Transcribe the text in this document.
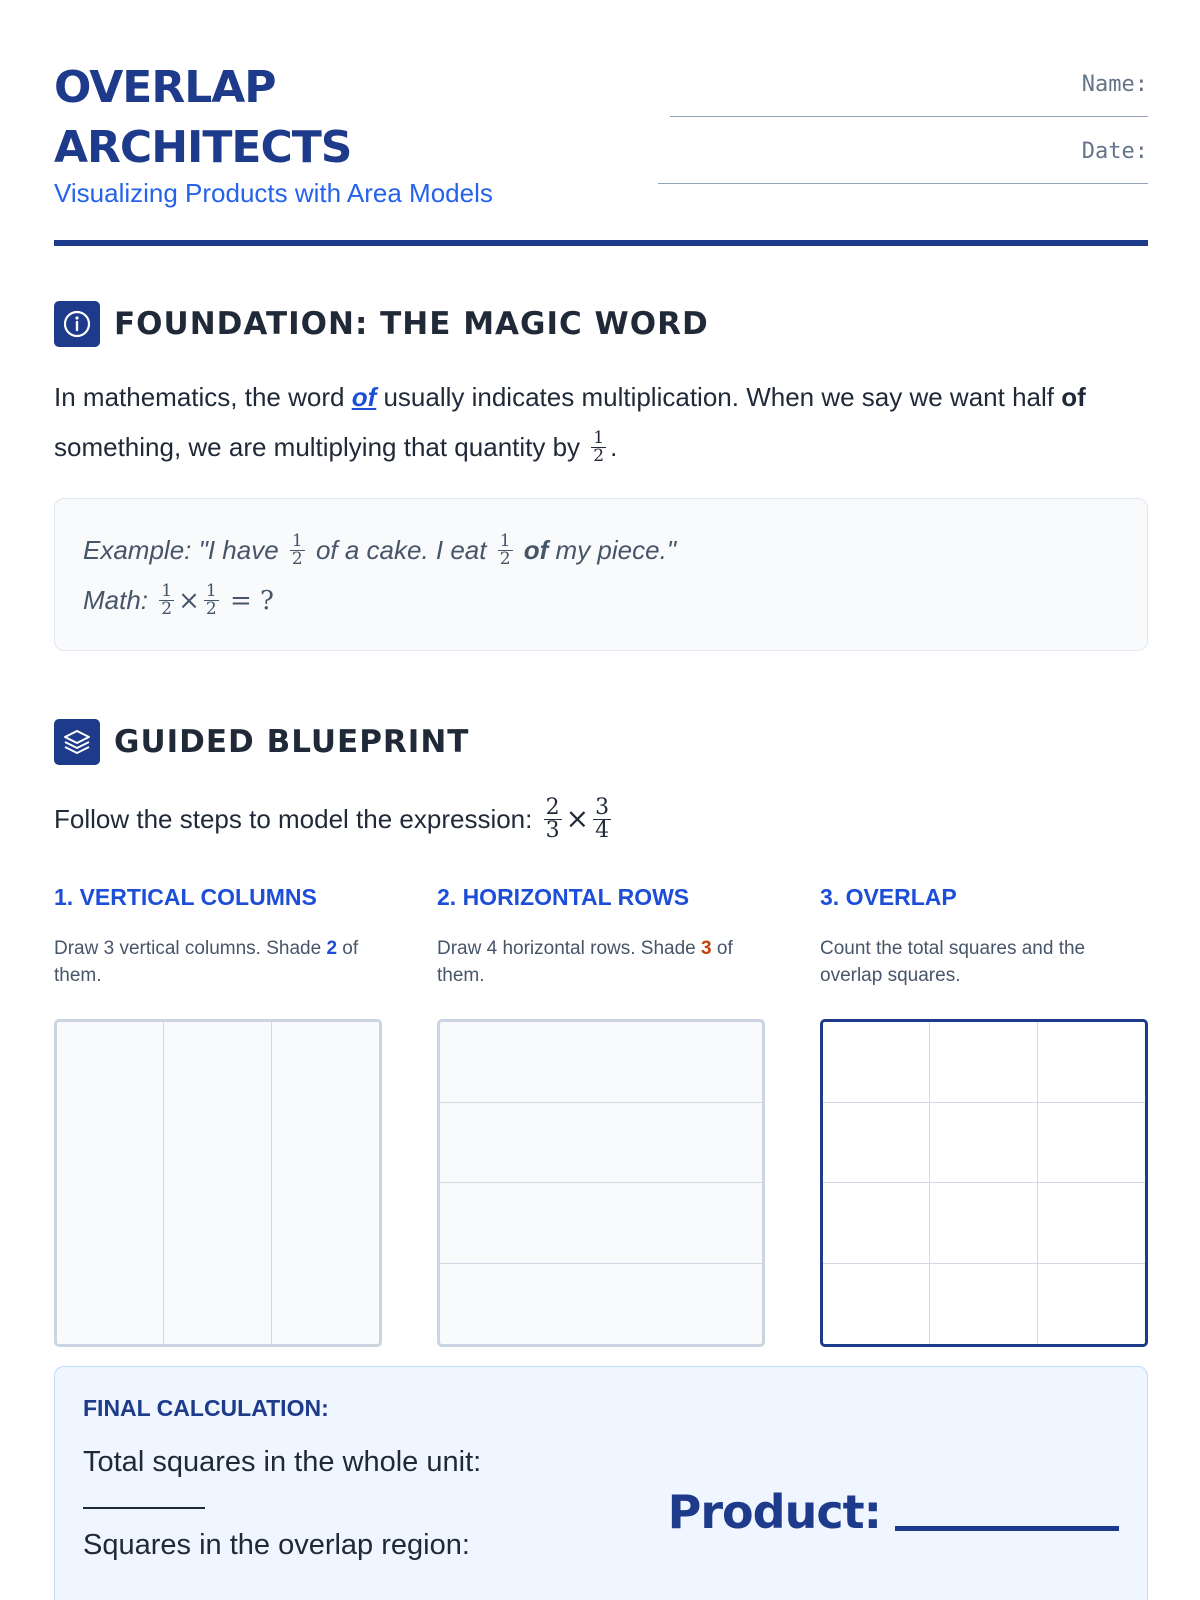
OVERLAP
ARCHITECTS
Visualizing Products with Area Models
Name:
Date:
FOUNDATION: THE MAGIC WORD
In mathematics, the word of usually indicates multiplication. When we say we want half of something, we are multiplying that quantity by $\frac{1}{2}$ .
Example: "I have $\frac{1}{2}$ of a cake. I eat $\frac{1}{2}$ of my piece."
Math: $\frac{1}{2} \times \frac{1}{2}$ = ?
GUIDED BLUEPRINT
Follow the steps to model the expression: $\frac{2}{3} \times \frac{3}{4}$
1. VERTICAL COLUMNS
Draw 3 vertical columns. Shade 2 of them.
2. HORIZONTAL ROWS
Draw 4 horizontal rows. Shade 3 of them.
3. OVERLAP
Count the total squares and the overlap squares.
FINAL CALCULATION:
Total squares in the whole unit:
Squares in the overlap region:
Product:
